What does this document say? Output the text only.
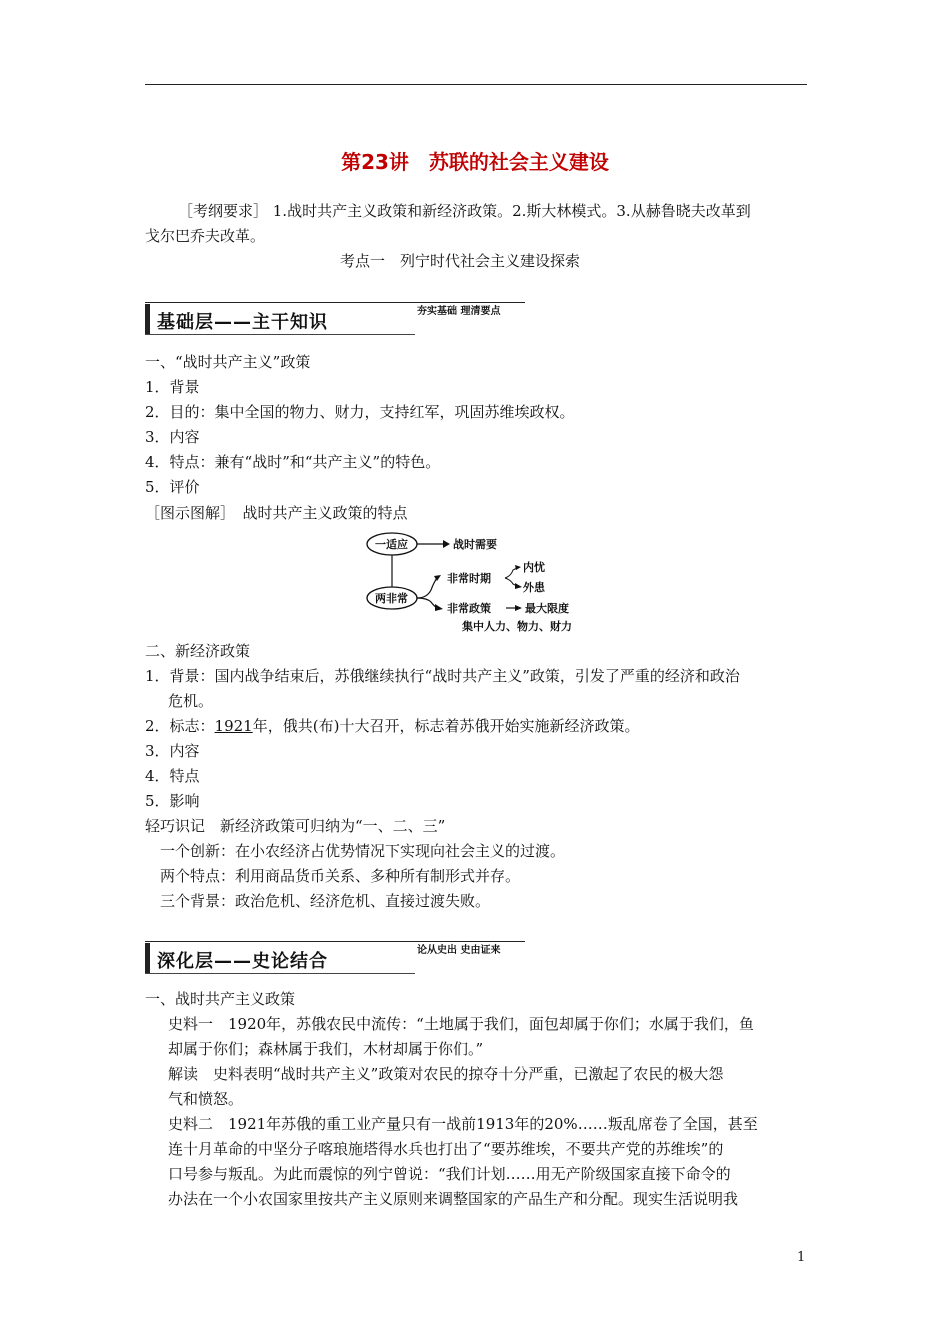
第23讲　苏联的社会主义建设
［考纲要求］ 1.战时共产主义政策和新经济政策。2.斯大林模式。3.从赫鲁晓夫改革到
戈尔巴乔夫改革。
考点一　列宁时代社会主义建设探索
基础层——主干知识
夯实基础 理清要点
一、“战时共产主义”政策
1．背景
2．目的：集中全国的物力、财力，支持红军，巩固苏维埃政权。
3．内容
4．特点：兼有“战时”和“共产主义”的特色。
5．评价
［图示图解］　战时共产主义政策的特点
一适应	战时需要
两非常
非常时期
内忧
外患
非常政策	最大限度
集中人力、物力、财力
二、新经济政策
1．背景：国内战争结束后，苏俄继续执行“战时共产主义”政策，引发了严重的经济和政治
危机。
2．标志：1921年，俄共(布)十大召开，标志着苏俄开始实施新经济政策。
3．内容
4．特点
5．影响
轻巧识记　新经济政策可归纳为“一、二、三”
一个创新：在小农经济占优势情况下实现向社会主义的过渡。
两个特点：利用商品货币关系、多种所有制形式并存。
三个背景：政治危机、经济危机、直接过渡失败。
深化层——史论结合
论从史出 史由证来
一、战时共产主义政策
史料一　1920年，苏俄农民中流传：“土地属于我们，面包却属于你们；水属于我们，鱼
却属于你们；森林属于我们，木材却属于你们。”
解读　史料表明“战时共产主义”政策对农民的掠夺十分严重，已激起了农民的极大怨
气和愤怒。
史料二　1921年苏俄的重工业产量只有一战前1913年的20%……叛乱席卷了全国，甚至
连十月革命的中坚分子喀琅施塔得水兵也打出了“要苏维埃，不要共产党的苏维埃”的
口号参与叛乱。为此而震惊的列宁曾说：“我们计划……用无产阶级国家直接下命令的
办法在一个小农国家里按共产主义原则来调整国家的产品生产和分配。现实生活说明我
1
